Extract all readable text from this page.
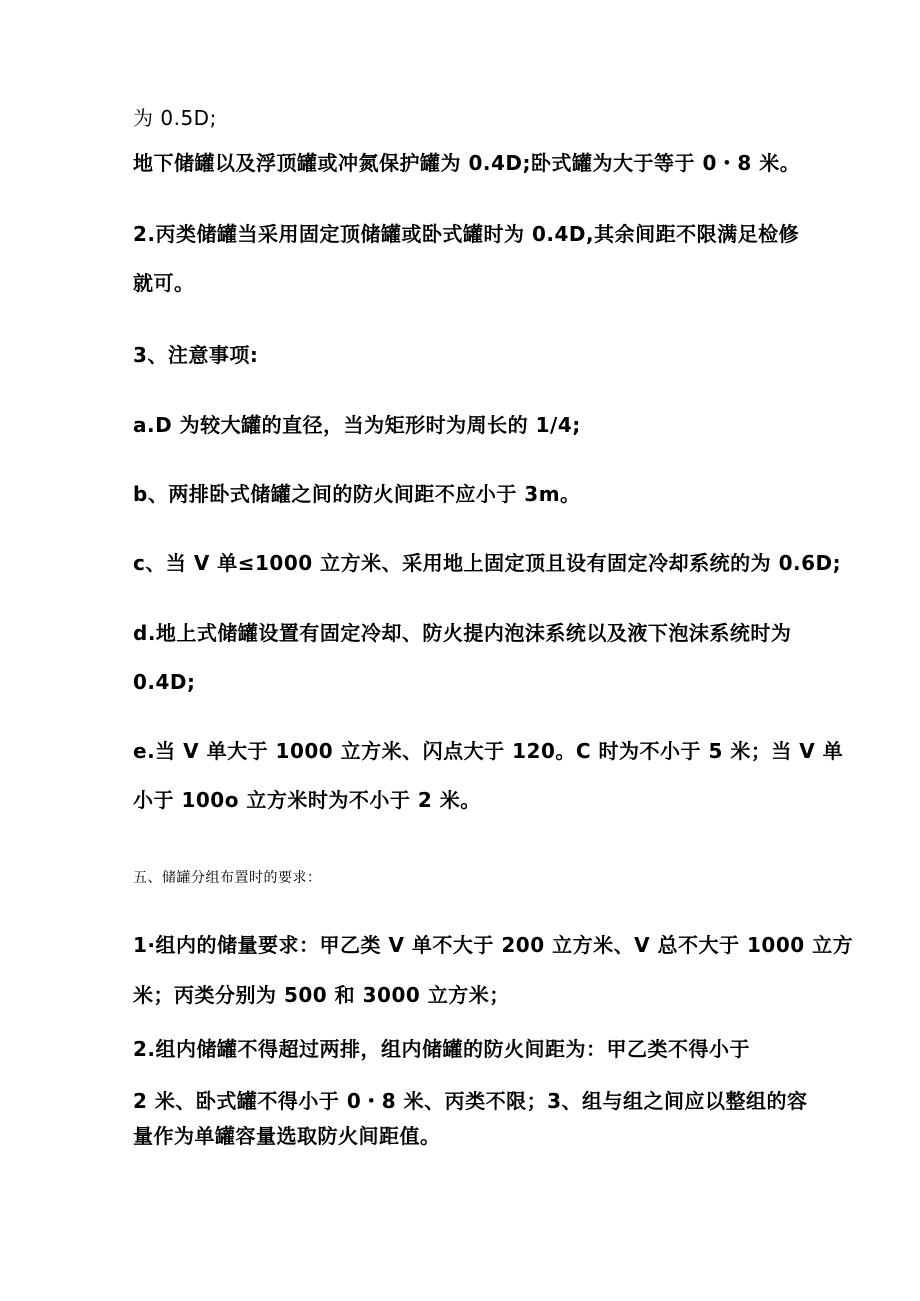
为 0.5D;
地下储罐以及浮顶罐或冲氮保护罐为 0.4D;卧式罐为大于等于 0・8 米。
2.丙类储罐当采用固定顶储罐或卧式罐时为 0.4D,其余间距不限满足检修
就可。
3、注意事项:
a.D 为较大罐的直径，当为矩形时为周长的 1/4;
b、两排卧式储罐之间的防火间距不应小于 3m。
c、当 V 单≤1000 立方米、采用地上固定顶且设有固定冷却系统的为 0.6D;
d.地上式储罐设置有固定冷却、防火提内泡沫系统以及液下泡沫系统时为
0.4D;
e.当 V 单大于 1000 立方米、闪点大于 120。C 时为不小于 5 米；当 V 单
小于 100o 立方米时为不小于 2 米。
五、储罐分组布置时的要求：
1·组内的储量要求：甲乙类 V 单不大于 200 立方米、V 总不大于 1000 立方
米；丙类分别为 500 和 3000 立方米；
2.组内储罐不得超过两排，组内储罐的防火间距为：甲乙类不得小于
2 米、卧式罐不得小于 0・8 米、丙类不限；3、组与组之间应以整组的容
量作为单罐容量选取防火间距值。
